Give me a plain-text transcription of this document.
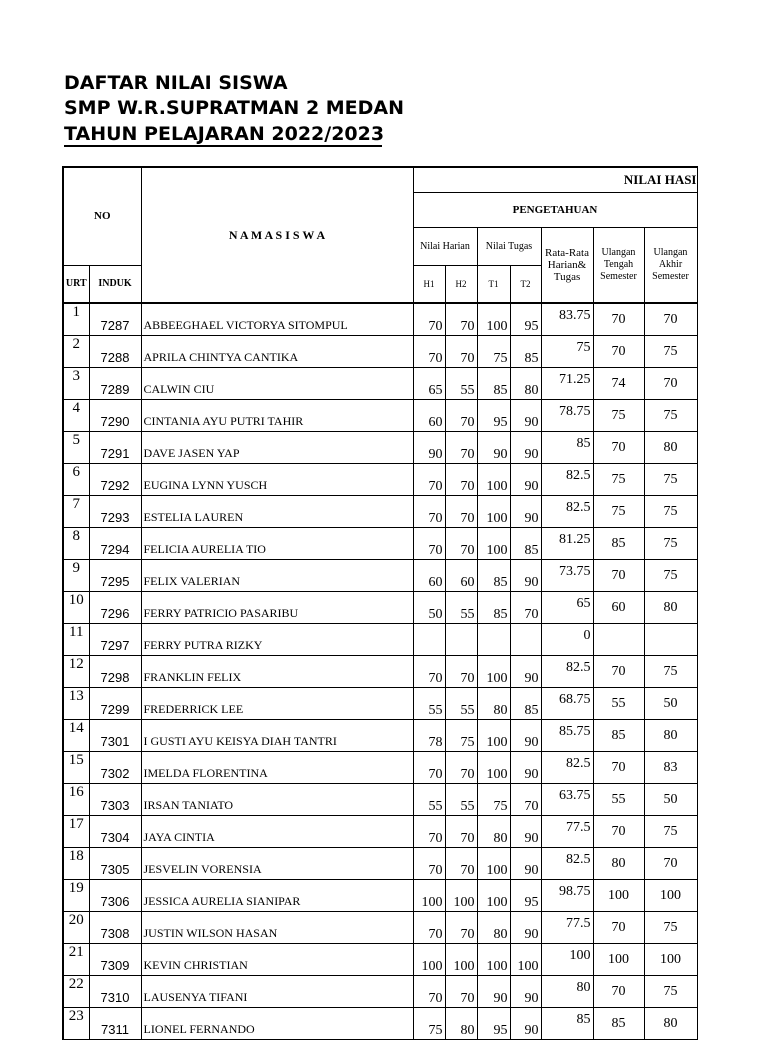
DAFTAR NILAI SISWA
SMP W.R.SUPRATMAN 2 MEDAN
TAHUN PELAJARAN 2022/2023
NO		N A M A S I S W A	NILAI HASI						
			PENGETAHUAN						
			Nilai Harian		Nilai Tugas		Rata-Rata Harian& Tugas	Ulangan Tengah Semester	Ulangan Akhir Semester
URT	INDUK		H1	H2	T1	T2			

1	7287	ABBEEGHAEL VICTORYA SITOMPUL	70	70	100	95	83.75	70	70
2	7288	APRILA CHINTYA CANTIKA	70	70	75	85	75	70	75
3	7289	CALWIN CIU	65	55	85	80	71.25	74	70
4	7290	CINTANIA AYU PUTRI TAHIR	60	70	95	90	78.75	75	75
5	7291	DAVE JASEN YAP	90	70	90	90	85	70	80
6	7292	EUGINA LYNN YUSCH	70	70	100	90	82.5	75	75
7	7293	ESTELIA LAUREN	70	70	100	90	82.5	75	75
8	7294	FELICIA AURELIA TIO	70	70	100	85	81.25	85	75
9	7295	FELIX VALERIAN	60	60	85	90	73.75	70	75
10	7296	FERRY PATRICIO PASARIBU	50	55	85	70	65	60	80
11	7297	FERRY PUTRA RIZKY					0		
12	7298	FRANKLIN FELIX	70	70	100	90	82.5	70	75
13	7299	FREDERRICK LEE	55	55	80	85	68.75	55	50
14	7301	I GUSTI AYU KEISYA DIAH TANTRI	78	75	100	90	85.75	85	80
15	7302	IMELDA FLORENTINA	70	70	100	90	82.5	70	83
16	7303	IRSAN TANIATO	55	55	75	70	63.75	55	50
17	7304	JAYA CINTIA	70	70	80	90	77.5	70	75
18	7305	JESVELIN VORENSIA	70	70	100	90	82.5	80	70
19	7306	JESSICA AURELIA SIANIPAR	100	100	100	95	98.75	100	100
20	7308	JUSTIN WILSON HASAN	70	70	80	90	77.5	70	75
21	7309	KEVIN CHRISTIAN	100	100	100	100	100	100	100
22	7310	LAUSENYA TIFANI	70	70	90	90	80	70	75
23	7311	LIONEL FERNANDO	75	80	95	90	85	85	80
